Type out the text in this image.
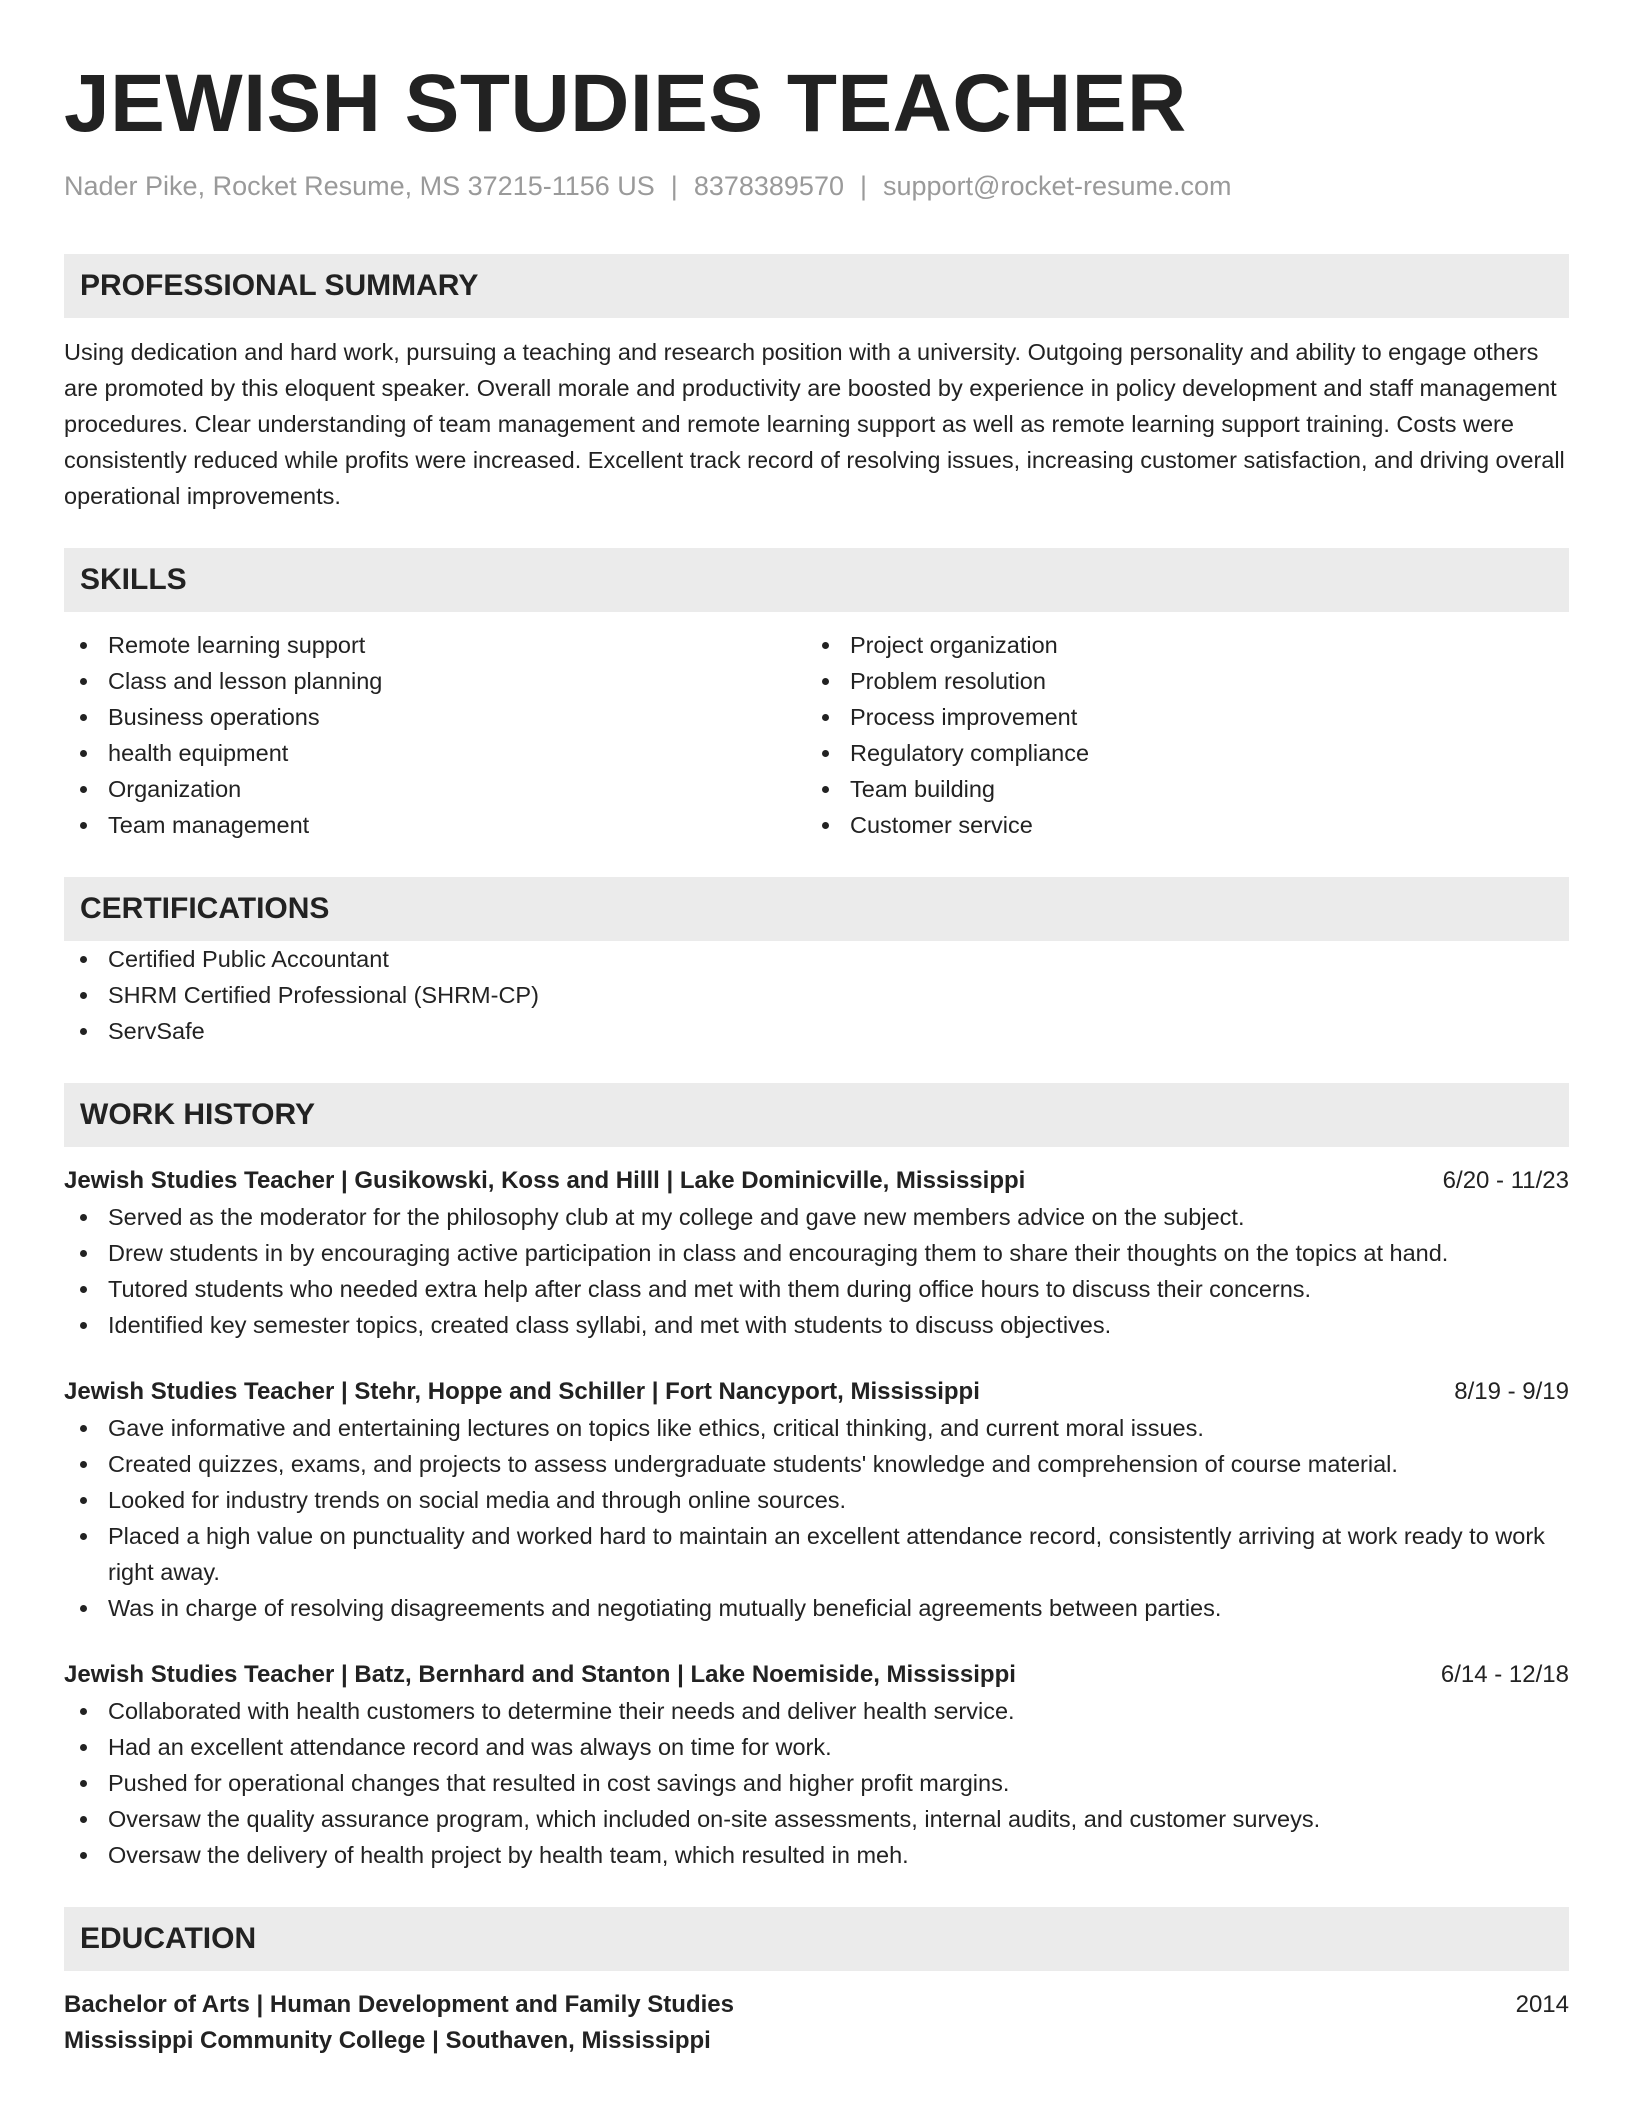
JEWISH STUDIES TEACHER
Nader Pike, Rocket Resume, MS 37215-1156 US | 8378389570 | support@rocket-resume.com
PROFESSIONAL SUMMARY
Using dedication and hard work, pursuing a teaching and research position with a university. Outgoing personality and ability to engage others are promoted by this eloquent speaker. Overall morale and productivity are boosted by experience in policy development and staff management procedures. Clear understanding of team management and remote learning support as well as remote learning support training. Costs were consistently reduced while profits were increased. Excellent track record of resolving issues, increasing customer satisfaction, and driving overall operational improvements.
SKILLS
Remote learning support
Class and lesson planning
Business operations
health equipment
Organization
Team management
Project organization
Problem resolution
Process improvement
Regulatory compliance
Team building
Customer service
CERTIFICATIONS
Certified Public Accountant
SHRM Certified Professional (SHRM-CP)
ServSafe
WORK HISTORY
Jewish Studies Teacher | Gusikowski, Koss and Hilll | Lake Dominicville, Mississippi	6/20 - 11/23
Served as the moderator for the philosophy club at my college and gave new members advice on the subject.
Drew students in by encouraging active participation in class and encouraging them to share their thoughts on the topics at hand.
Tutored students who needed extra help after class and met with them during office hours to discuss their concerns.
Identified key semester topics, created class syllabi, and met with students to discuss objectives.
Jewish Studies Teacher | Stehr, Hoppe and Schiller | Fort Nancyport, Mississippi	8/19 - 9/19
Gave informative and entertaining lectures on topics like ethics, critical thinking, and current moral issues.
Created quizzes, exams, and projects to assess undergraduate students' knowledge and comprehension of course material.
Looked for industry trends on social media and through online sources.
Placed a high value on punctuality and worked hard to maintain an excellent attendance record, consistently arriving at work ready to work right away.
Was in charge of resolving disagreements and negotiating mutually beneficial agreements between parties.
Jewish Studies Teacher | Batz, Bernhard and Stanton | Lake Noemiside, Mississippi	6/14 - 12/18
Collaborated with health customers to determine their needs and deliver health service.
Had an excellent attendance record and was always on time for work.
Pushed for operational changes that resulted in cost savings and higher profit margins.
Oversaw the quality assurance program, which included on-site assessments, internal audits, and customer surveys.
Oversaw the delivery of health project by health team, which resulted in meh.
EDUCATION
Bachelor of Arts | Human Development and Family Studies	2014
Mississippi Community College | Southaven, Mississippi
